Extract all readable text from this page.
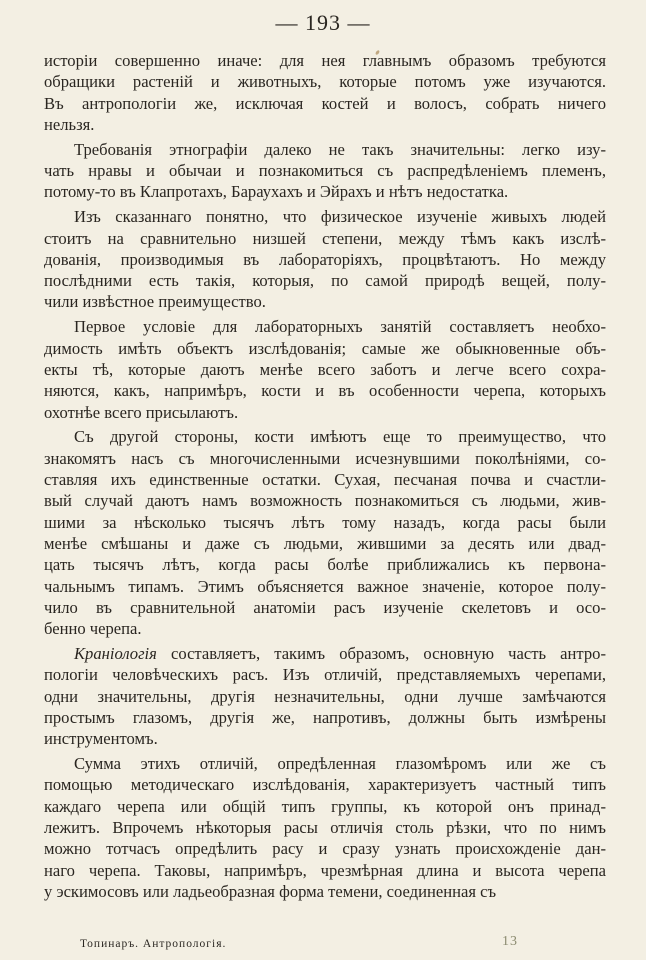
— 193 —
исторіи совершенно иначе: для нея главнымъ образомъ требуются
обращики растеній и животныхъ, которые потомъ уже изучаются.
Въ антропологіи же, исключая костей и волосъ, собрать ничего
нельзя.
Требованія этнографіи далеко не такъ значительны: легко изу-
чать нравы и обычаи и познакомиться съ распредѣленіемъ племенъ,
потому-то въ Клапротахъ, Бараухахъ и Эйрахъ и нѣтъ недостатка.
Изъ сказаннаго понятно, что физическое изученіе живыхъ людей
стоитъ на сравнительно низшей степени, между тѣмъ какъ изслѣ-
дованія, производимыя въ лабораторіяхъ, процвѣтаютъ. Но между
послѣдними есть такія, которыя, по самой природѣ вещей, полу-
чили извѣстное преимущество.
Первое условіе для лабораторныхъ занятій составляетъ необхо-
димость имѣть объектъ изслѣдованія; самые же обыкновенные объ-
екты тѣ, которые даютъ менѣе всего заботъ и легче всего сохра-
няются, какъ, напримѣръ, кости и въ особенности черепа, которыхъ
охотнѣе всего присылаютъ.
Съ другой стороны, кости имѣютъ еще то преимущество, что
знакомятъ насъ съ многочисленными исчезнувшими поколѣніями, со-
ставляя ихъ единственные остатки. Сухая, песчаная почва и счастли-
вый случай даютъ намъ возможность познакомиться съ людьми, жив-
шими за нѣсколько тысячъ лѣтъ тому назадъ, когда расы были
менѣе смѣшаны и даже съ людьми, жившими за десять или двад-
цать тысячъ лѣтъ, когда расы болѣе приближались къ первона-
чальнымъ типамъ. Этимъ объясняется важное значеніе, которое полу-
чило въ сравнительной анатоміи расъ изученіе скелетовъ и осо-
бенно черепа.
Краніологія составляетъ, такимъ образомъ, основную часть антро-
пологіи человѣческихъ расъ. Изъ отличій, представляемыхъ черепами,
одни значительны, другія незначительны, одни лучше замѣчаются
простымъ глазомъ, другія же, напротивъ, должны быть измѣрены
инструментомъ.
Сумма этихъ отличій, опредѣленная глазомѣромъ или же съ
помощью методическаго изслѣдованія, характеризуетъ частный типъ
каждаго черепа или общій типъ группы, къ которой онъ принад-
лежитъ. Впрочемъ нѣкоторыя расы отличія столь рѣзки, что по нимъ
можно тотчасъ опредѣлить расу и сразу узнать происхожденіе дан-
наго черепа. Таковы, напримѣръ, чрезмѣрная длина и высота черепа
у эскимосовъ или ладьеобразная форма темени, соединенная съ
Топинаръ. Антропологія.	13
